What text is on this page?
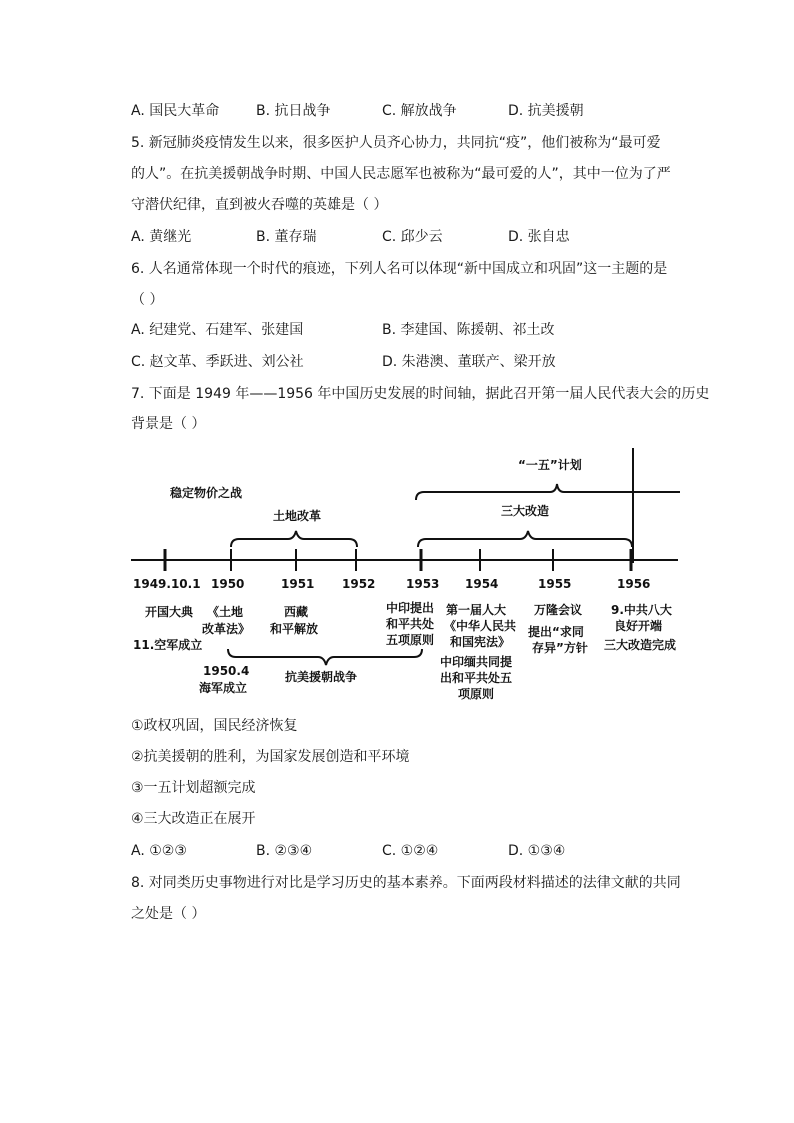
A. 国民大革命	B. 抗日战争	C. 解放战争	D. 抗美援朝
5. 新冠肺炎疫情发生以来，很多医护人员齐心协力，共同抗“疫”，他们被称为“最可爱
的人”。在抗美援朝战争时期、中国人民志愿军也被称为“最可爱的人”，其中一位为了严
守潜伏纪律，直到被火吞噬的英雄是（ ）
A. 黄继光	B. 董存瑞	C. 邱少云	D. 张自忠
6. 人名通常体现一个时代的痕迹，下列人名可以体现“新中国成立和巩固”这一主题的是
（ ）
A. 纪建党、石建军、张建国	B. 李建国、陈援朝、祁土改
C. 赵文革、季跃进、刘公社	D. 朱港澳、董联产、梁开放
7. 下面是 1949 年——1956 年中国历史发展的时间轴，据此召开第一届人民代表大会的历史
背景是（ ）
稳定物价之战
土地改革
“一五”计划
三大改造
1949.10.1 1950	1951 1952	1953 1954	1955	1956
开国大典
11.空军成立
《土地
改革法》
1950.4
海军成立
西藏
和平解放
抗美援朝战争
中印提出
和平共处
五项原则
第一届人大
《中华人民共
和国宪法》
中印缅共同提
出和平共处五
项原则
万隆会议
提出“求同
存异”方针
9.中共八大
良好开端
三大改造完成
①政权巩固，国民经济恢复
②抗美援朝的胜利，为国家发展创造和平环境
③一五计划超额完成
④三大改造正在展开
A. ①②③	B. ②③④	C. ①②④	D. ①③④
8. 对同类历史事物进行对比是学习历史的基本素养。下面两段材料描述的法律文献的共同
之处是（ ）
